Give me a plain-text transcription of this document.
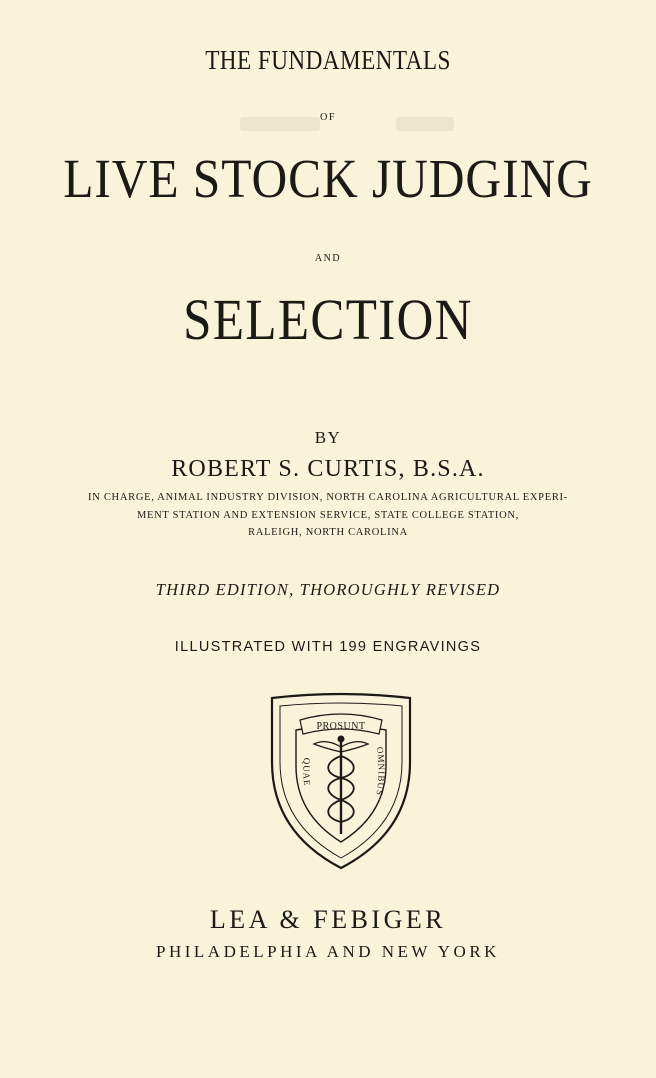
THE FUNDAMENTALS
OF
LIVE STOCK JUDGING
AND
SELECTION
BY
ROBERT S. CURTIS, B.S.A.
IN CHARGE, ANIMAL INDUSTRY DIVISION, NORTH CAROLINA AGRICULTURAL EXPERI-
MENT STATION AND EXTENSION SERVICE, STATE COLLEGE STATION,
RALEIGH, NORTH CAROLINA
THIRD EDITION, THOROUGHLY REVISED
ILLUSTRATED WITH 199 ENGRAVINGS
PROSUNT
QUAE
OMNIBUS
LEA & FEBIGER
PHILADELPHIA AND NEW YORK
